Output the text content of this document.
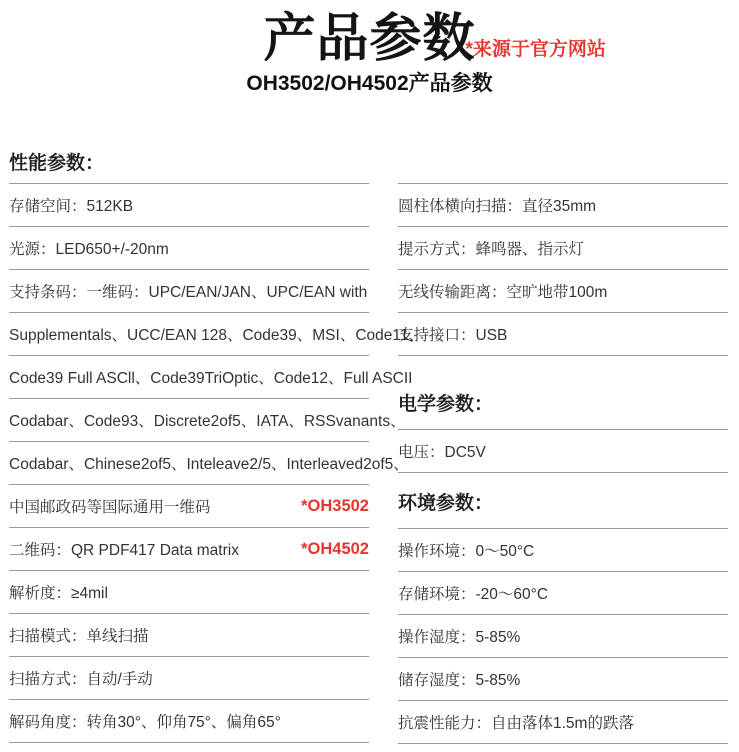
产品参数
*来源于官方网站
OH3502/OH4502产品参数
性能参数：
存储空间：512KB
光源：LED650+/-20nm
支持条码：一维码：UPC/EAN/JAN、UPC/EAN with
Supplementals、UCC/EAN 128、Code39、MSI、Code11、
Code39 Full ASCll、Code39TriOptic、Code12、Full ASCII
Codabar、Code93、Discrete2of5、IATA、RSSvanants、
Codabar、Chinese2of5、Inteleave2/5、Interleaved2of5、
中国邮政码等国际通用一维码	*OH3502
二维码：QR PDF417 Data matrix	*OH4502
解析度：≥4mil
扫描模式：单线扫描
扫描方式：自动/手动
解码角度：转角30°、仰角75°、偏角65°
圆柱体横向扫描：直径35mm
提示方式：蜂鸣器、指示灯
无线传输距离：空旷地带100m
支持接口：USB
电学参数：
电压：DC5V
环境参数：
操作环境：0～50°C
存储环境：-20～60°C
操作湿度：5-85%
储存湿度：5-85%
抗震性能力：自由落体1.5m的跌落
